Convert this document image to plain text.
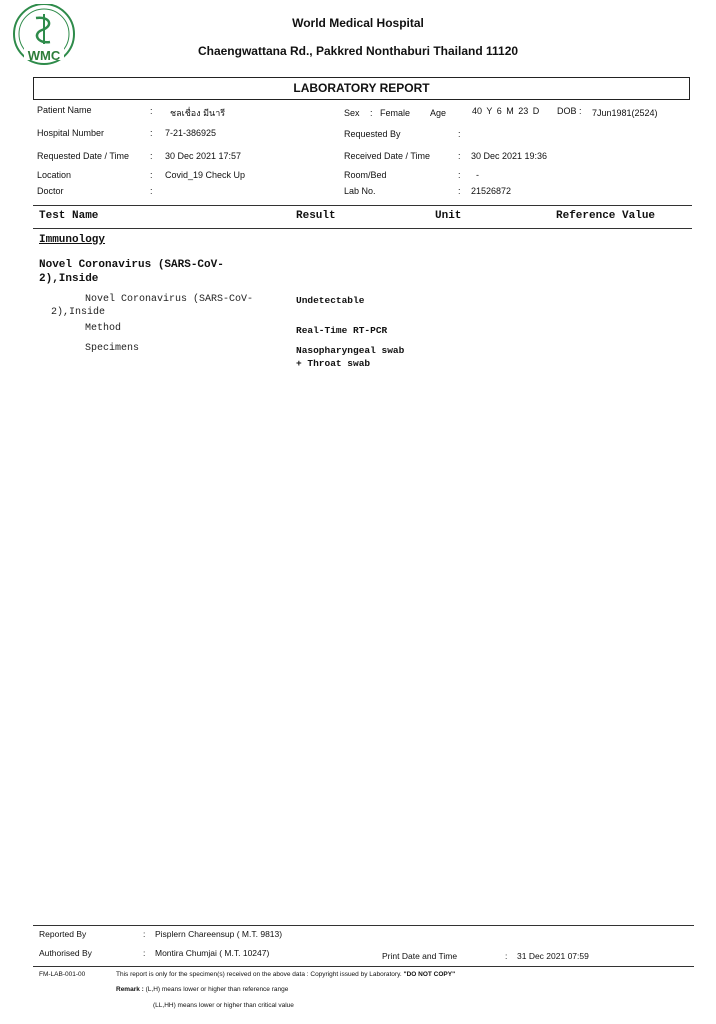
WMC
World Medical Hospital
Chaengwattana Rd., Pakkred Nonthaburi Thailand 11120
LABORATORY REPORT
Patient Name	: ชลเชื่อง มีนารี
Hospital Number	: 7-21-386925
Requested Date / Time : 30 Dec 2021 17:57
Location	: Covid_19 Check Up
Doctor	:
Sex : Female Age	40 Y 6 M 23 D DOB : 7Jun1981(2524)
Requested By	:
Received Date / Time	: 30 Dec 2021 19:36
Room/Bed	: -
Lab No.	: 21526872
Test Name	Result	Unit	Reference Value
Immunology
Novel Coronavirus (SARS-CoV-
2),Inside
Novel Coronavirus (SARS-CoV-
2),Inside
Undetectable
Method	Real-Time RT-PCR
Specimens	Nasopharyngeal swab
+ Throat swab
Reported By	: Pisplern Chareensup ( M.T. 9813)
Authorised By	: Montira Chumjai ( M.T. 10247)	Print Date and Time	: 31 Dec 2021 07:59
FM-LAB-001-00	This report is only for the specimen(s) received on the above data : Copyright issued by Laboratory. "DO NOT COPY"
Remark : (L,H) means lower or higher than reference range
(LL,HH) means lower or higher than critical value
